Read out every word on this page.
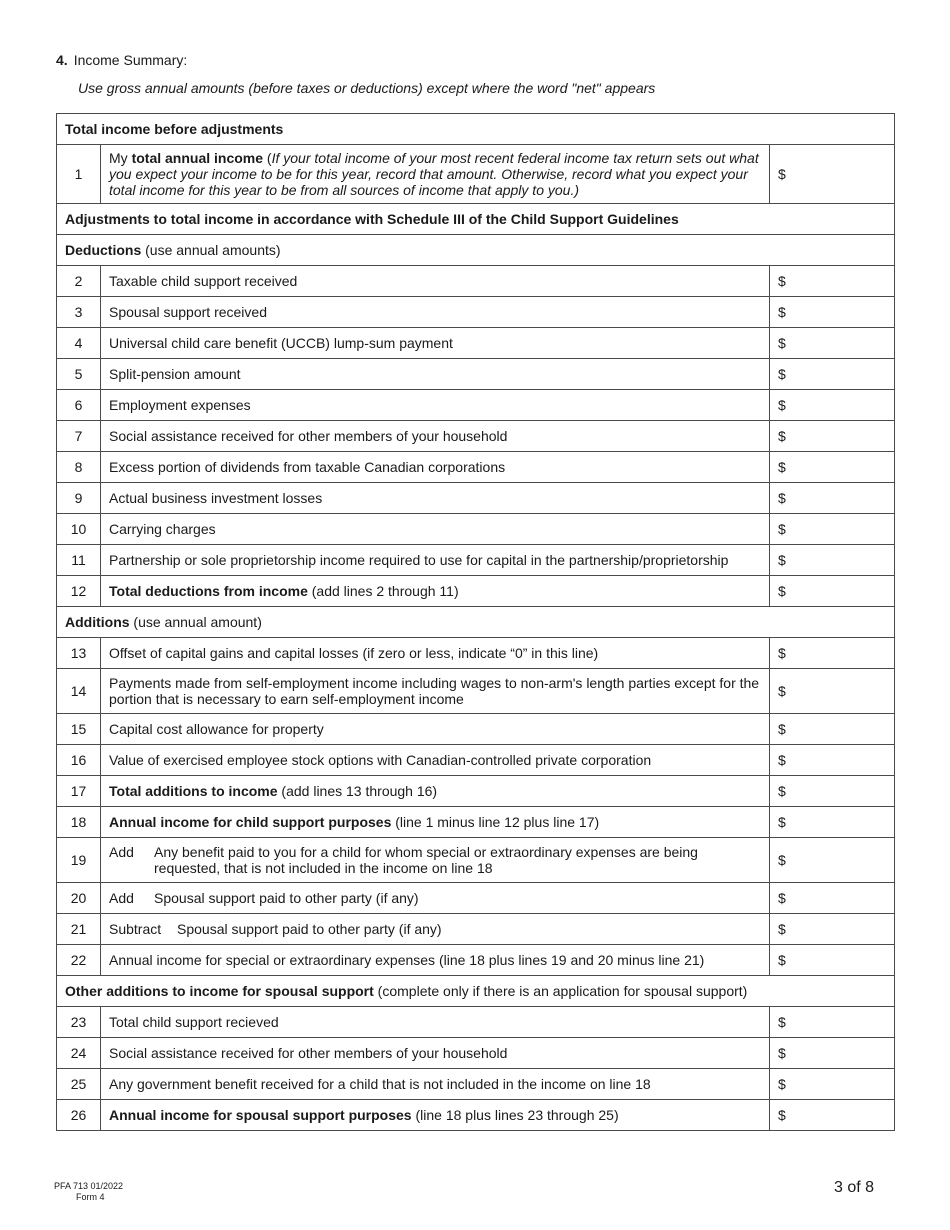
4. Income Summary:
Use gross annual amounts (before taxes or deductions) except where the word "net" appears
Total income before adjustments		
1	My total annual income (If your total income of your most recent federal income tax return sets out what you expect your income to be for this year, record that amount. Otherwise, record what you expect your total income for this year to be from all sources of income that apply to you.)	$
Adjustments to total income in accordance with Schedule III of the Child Support Guidelines		
Deductions (use annual amounts)		
2	Taxable child support received	$
3	Spousal support received	$
4	Universal child care benefit (UCCB) lump-sum payment	$
5	Split-pension amount	$
6	Employment expenses	$
7	Social assistance received for other members of your household	$
8	Excess portion of dividends from taxable Canadian corporations	$
9	Actual business investment losses	$
10	Carrying charges	$
11	Partnership or sole proprietorship income required to use for capital in the partnership/proprietorship	$
12	Total deductions from income (add lines 2 through 11)	$
Additions (use annual amount)		
13	Offset of capital gains and capital losses (if zero or less, indicate “0” in this line)	$
14	Payments made from self-employment income including wages to non-arm's length parties except for the portion that is necessary to earn self-employment income	$
15	Capital cost allowance for property	$
16	Value of exercised employee stock options with Canadian-controlled private corporation	$
17	Total additions to income (add lines 13 through 16)	$
18	Annual income for child support purposes (line 1 minus line 12 plus line 17)	$
19	Add Any benefit paid to you for a child for whom special or extraordinary expenses are being requested, that is not included in the income on line 18	$
20	Add Spousal support paid to other party (if any)	$
21	Subtract Spousal support paid to other party (if any)	$
22	Annual income for special or extraordinary expenses (line 18 plus lines 19 and 20 minus line 21)	$
Other additions to income for spousal support (complete only if there is an application for spousal support)		
23	Total child support recieved	$
24	Social assistance received for other members of your household	$
25	Any government benefit received for a child that is not included in the income on line 18	$
26	Annual income for spousal support purposes (line 18 plus lines 23 through 25)	$
PFA 713 01/2022
Form 4
3 of 8
